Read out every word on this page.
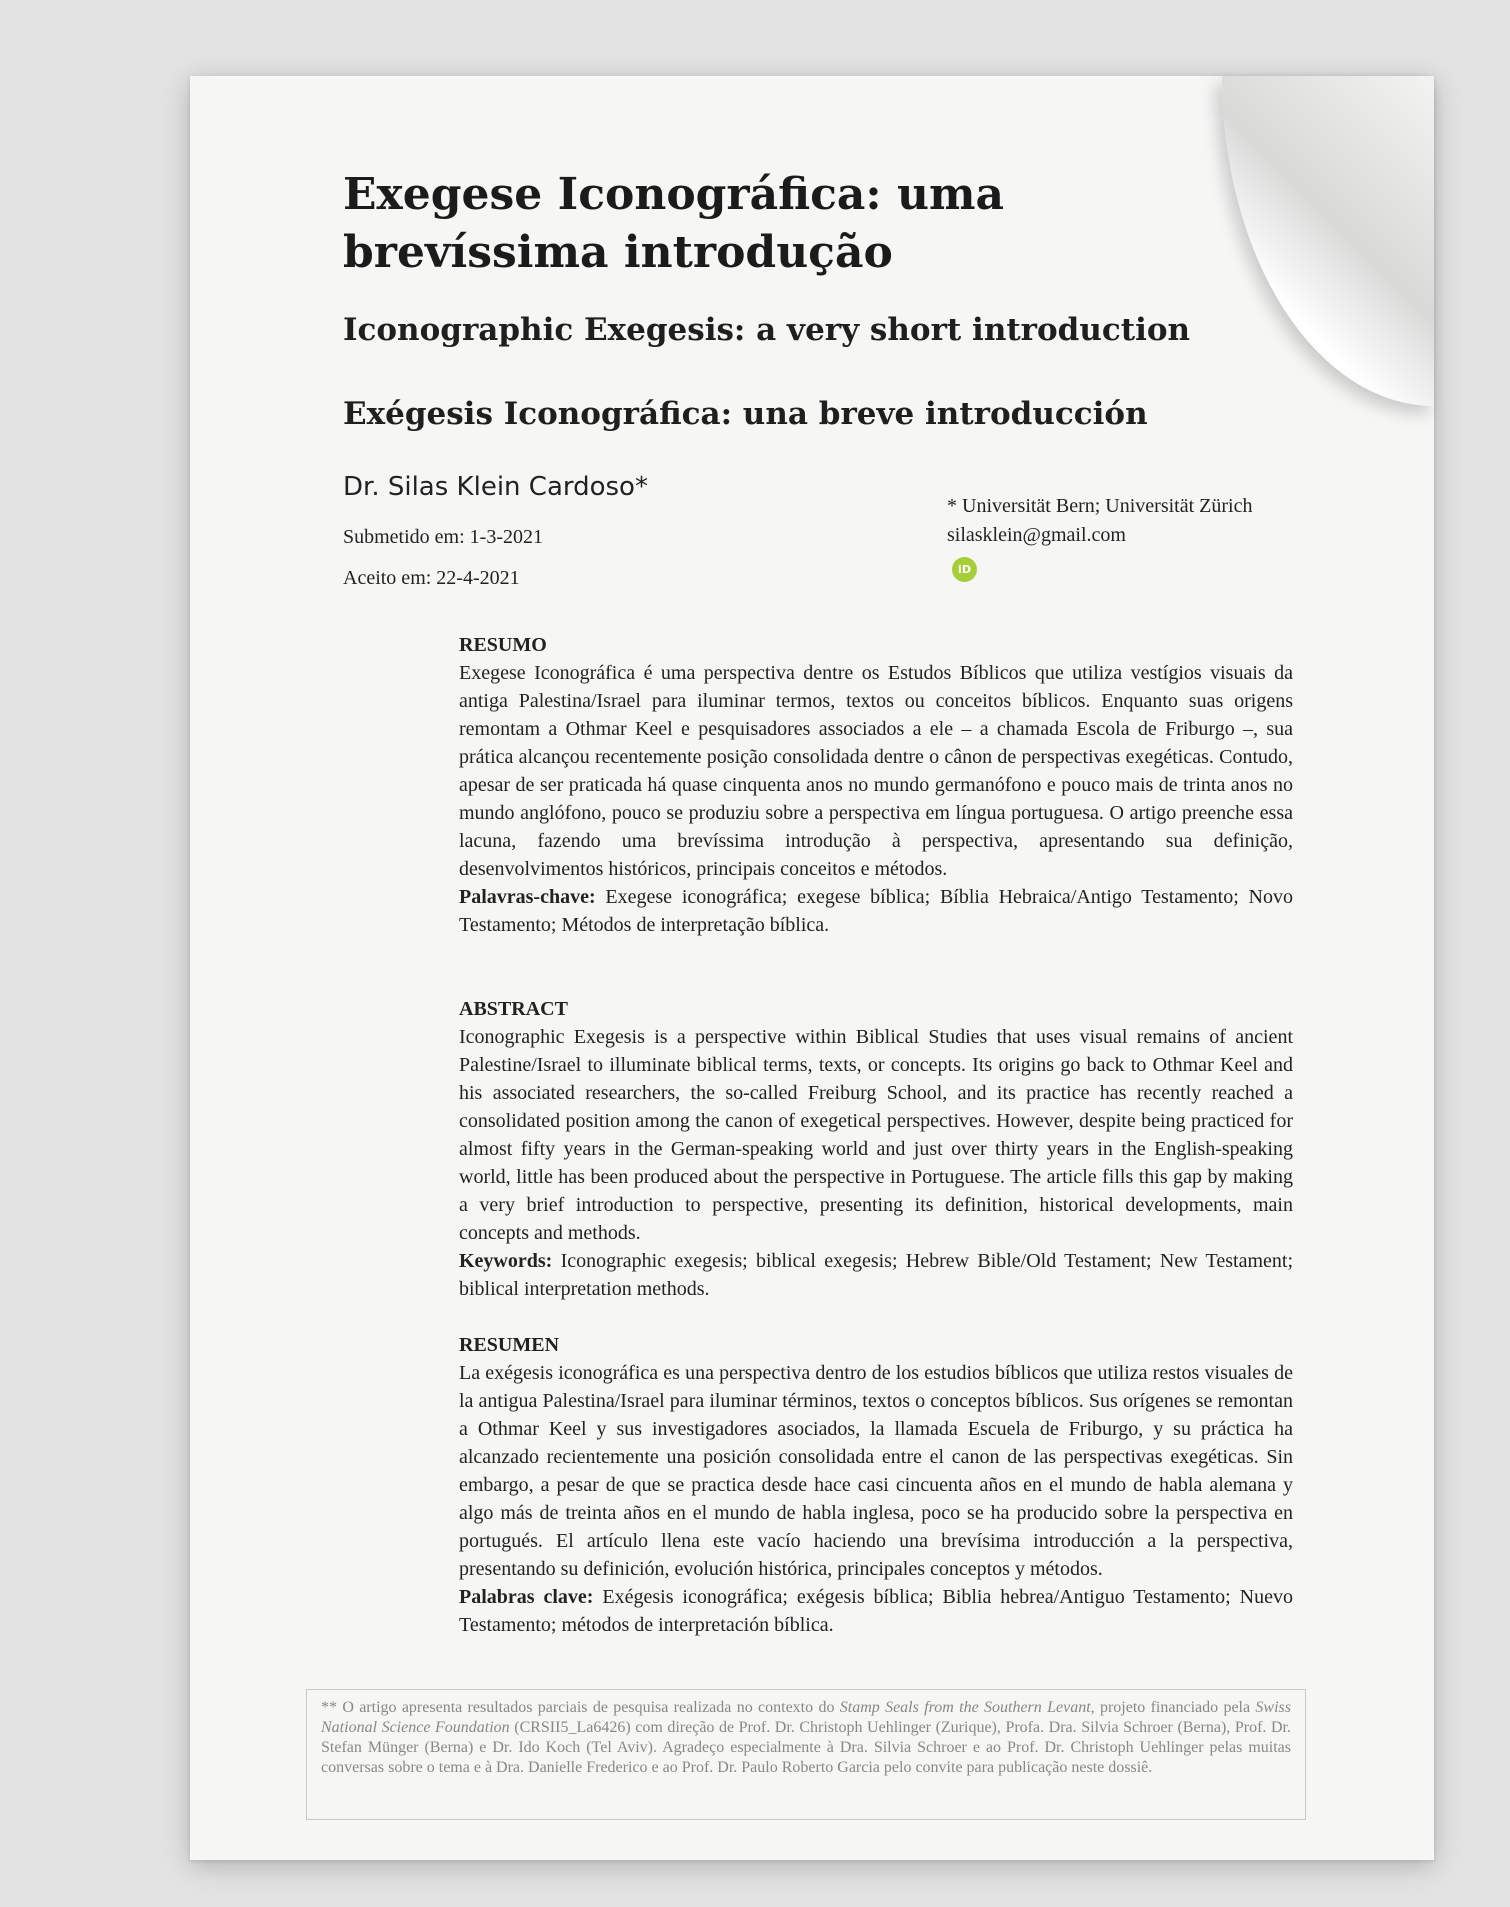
Exegese Iconográfica: uma brevíssima introdução
Iconographic Exegesis: a very short introduction
Exégesis Iconográfica: una breve introducción
Dr. Silas Klein Cardoso*
Submetido em: 1-3-2021
Aceito em: 22-4-2021
* Universität Bern; Universität Zürich
silasklein@gmail.com
iD
RESUMO

Exegese Iconográfica é uma perspectiva dentre os Estudos Bíblicos que utiliza vestígios visuais da antiga Palestina/Israel para iluminar termos, textos ou conceitos bíblicos. Enquanto suas origens remontam a Othmar Keel e pesquisadores associados a ele – a chamada Escola de Friburgo –, sua prática alcançou recentemente posição consolidada dentre o cânon de perspectivas exegéticas. Contudo, apesar de ser praticada há quase cinquenta anos no mundo germanófono e pouco mais de trinta anos no mundo anglófono, pouco se produziu sobre a perspectiva em língua portuguesa. O artigo preenche essa lacuna, fazendo uma brevíssima introdução à perspectiva, apresentando sua definição, desenvolvimentos históricos, principais conceitos e métodos.

Palavras-chave: Exegese iconográfica; exegese bíblica; Bíblia Hebraica/Antigo Testamento; Novo Testamento; Métodos de interpretação bíblica.

ABSTRACT

Iconographic Exegesis is a perspective within Biblical Studies that uses visual remains of ancient Palestine/Israel to illuminate biblical terms, texts, or concepts. Its origins go back to Othmar Keel and his associated researchers, the so-called Freiburg School, and its practice has recently reached a consolidated position among the canon of exegetical perspectives. However, despite being practiced for almost fifty years in the German-speaking world and just over thirty years in the English-speaking world, little has been produced about the perspective in Portuguese. The article fills this gap by making a very brief introduction to perspective, presenting its definition, historical developments, main concepts and methods.

Keywords: Iconographic exegesis; biblical exegesis; Hebrew Bible/Old Testament; New Testament; biblical interpretation methods.

RESUMEN

La exégesis iconográfica es una perspectiva dentro de los estudios bíblicos que utiliza restos visuales de la antigua Palestina/Israel para iluminar términos, textos o conceptos bíblicos. Sus orígenes se remontan a Othmar Keel y sus investigadores asociados, la llamada Escuela de Friburgo, y su práctica ha alcanzado recientemente una posición consolidada entre el canon de las perspectivas exegéticas. Sin embargo, a pesar de que se practica desde hace casi cincuenta años en el mundo de habla alemana y algo más de treinta años en el mundo de habla inglesa, poco se ha producido sobre la perspectiva en portugués. El artículo llena este vacío haciendo una brevísima introducción a la perspectiva, presentando su definición, evolución histórica, principales conceptos y métodos.

Palabras clave: Exégesis iconográfica; exégesis bíblica; Biblia hebrea/Antiguo Testamento; Nuevo Testamento; métodos de interpretación bíblica.

** O artigo apresenta resultados parciais de pesquisa realizada no contexto do Stamp Seals from the Southern Levant, projeto financiado pela Swiss National Science Foundation (CRSII5_La6426) com direção de Prof. Dr. Christoph Uehlinger (Zurique), Profa. Dra. Silvia Schroer (Berna), Prof. Dr. Stefan Münger (Berna) e Dr. Ido Koch (Tel Aviv). Agradeço especialmente à Dra. Silvia Schroer e ao Prof. Dr. Christoph Uehlinger pelas muitas conversas sobre o tema e à Dra. Danielle Frederico e ao Prof. Dr. Paulo Roberto Garcia pelo convite para publicação neste dossiê.
